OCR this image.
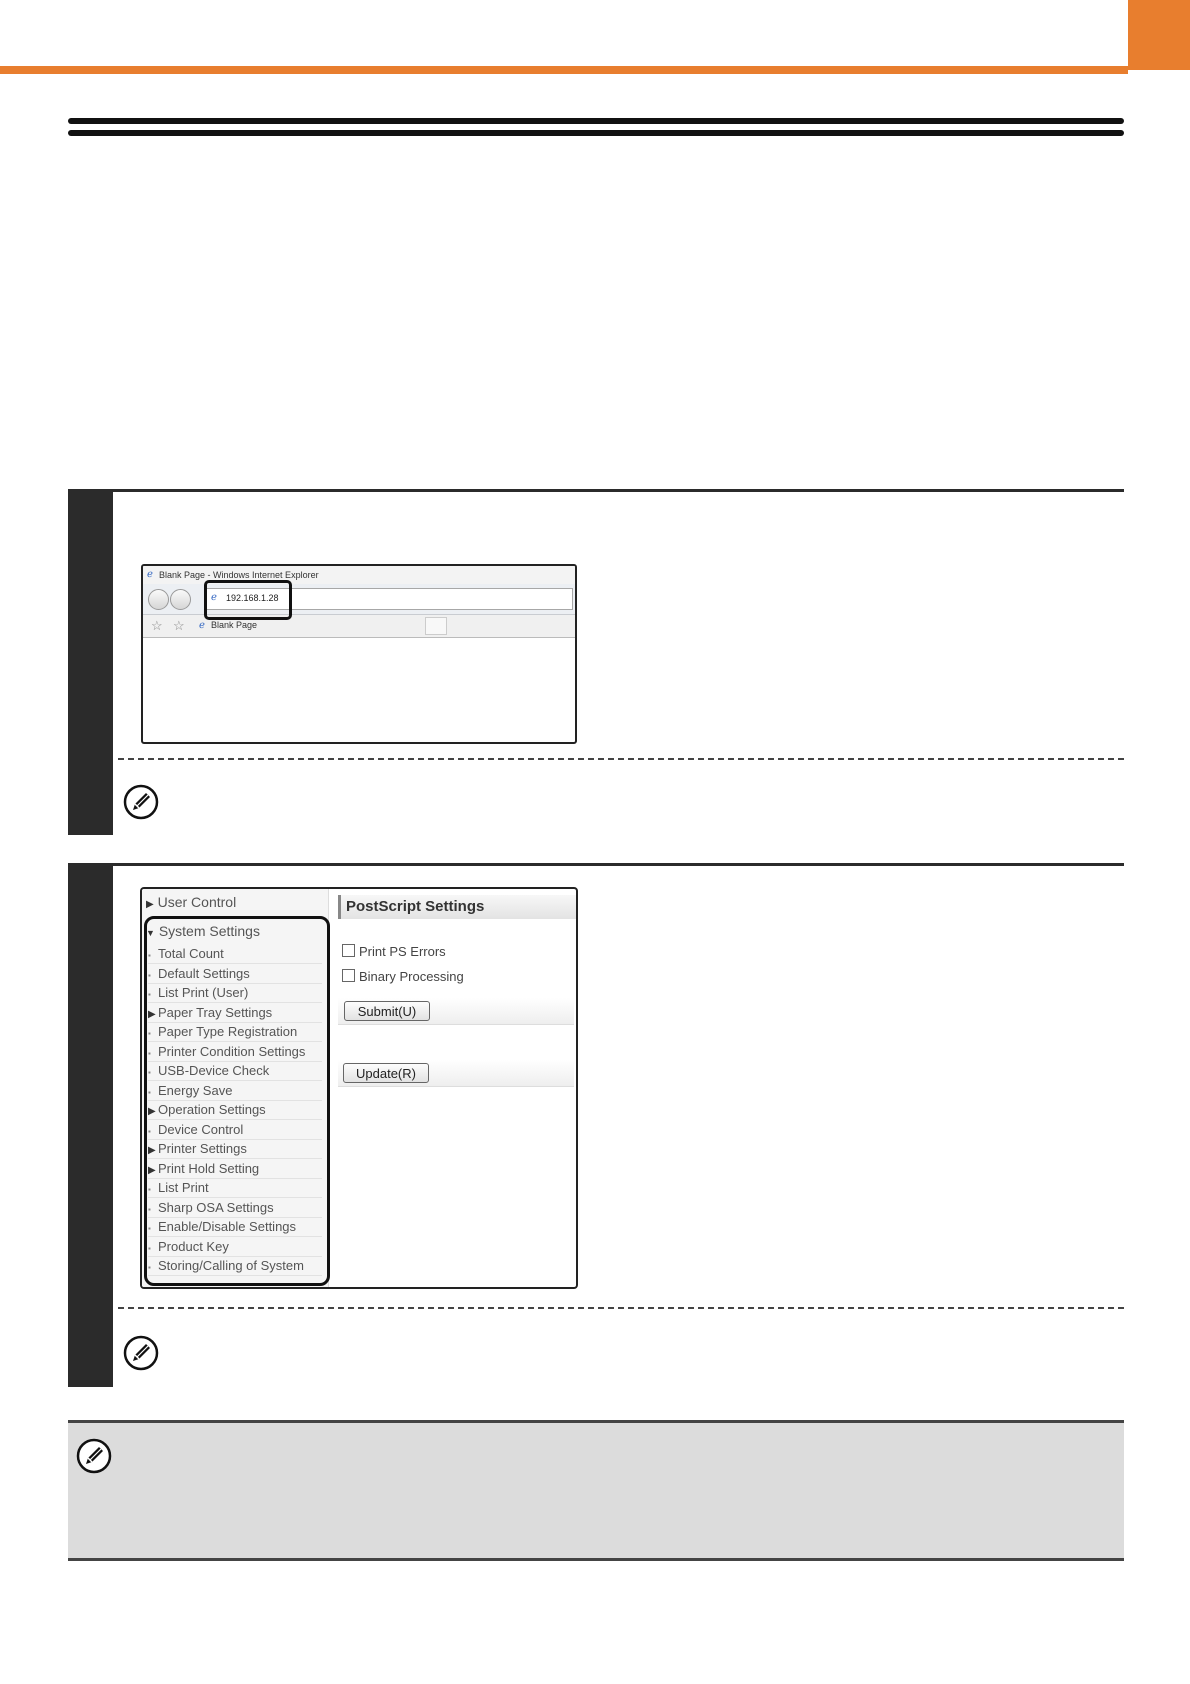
ℯ Blank Page - Windows Internet Explorer
ℯ 192.168.1.28
☆ ☆ ℯ Blank Page
▶ User Control
▼ System Settings
▪ Total Count
▪ Default Settings
▪ List Print (User)
▶ Paper Tray Settings
▪ Paper Type Registration
▪ Printer Condition Settings
▪ USB-Device Check
▪ Energy Save
▶ Operation Settings
▪ Device Control
▶ Printer Settings
▶ Print Hold Setting
▪ List Print
▪ Sharp OSA Settings
▪ Enable/Disable Settings
▪ Product Key
▪ Storing/Calling of System
PostScript Settings
Print PS Errors
Binary Processing
Submit(U)
Update(R)
